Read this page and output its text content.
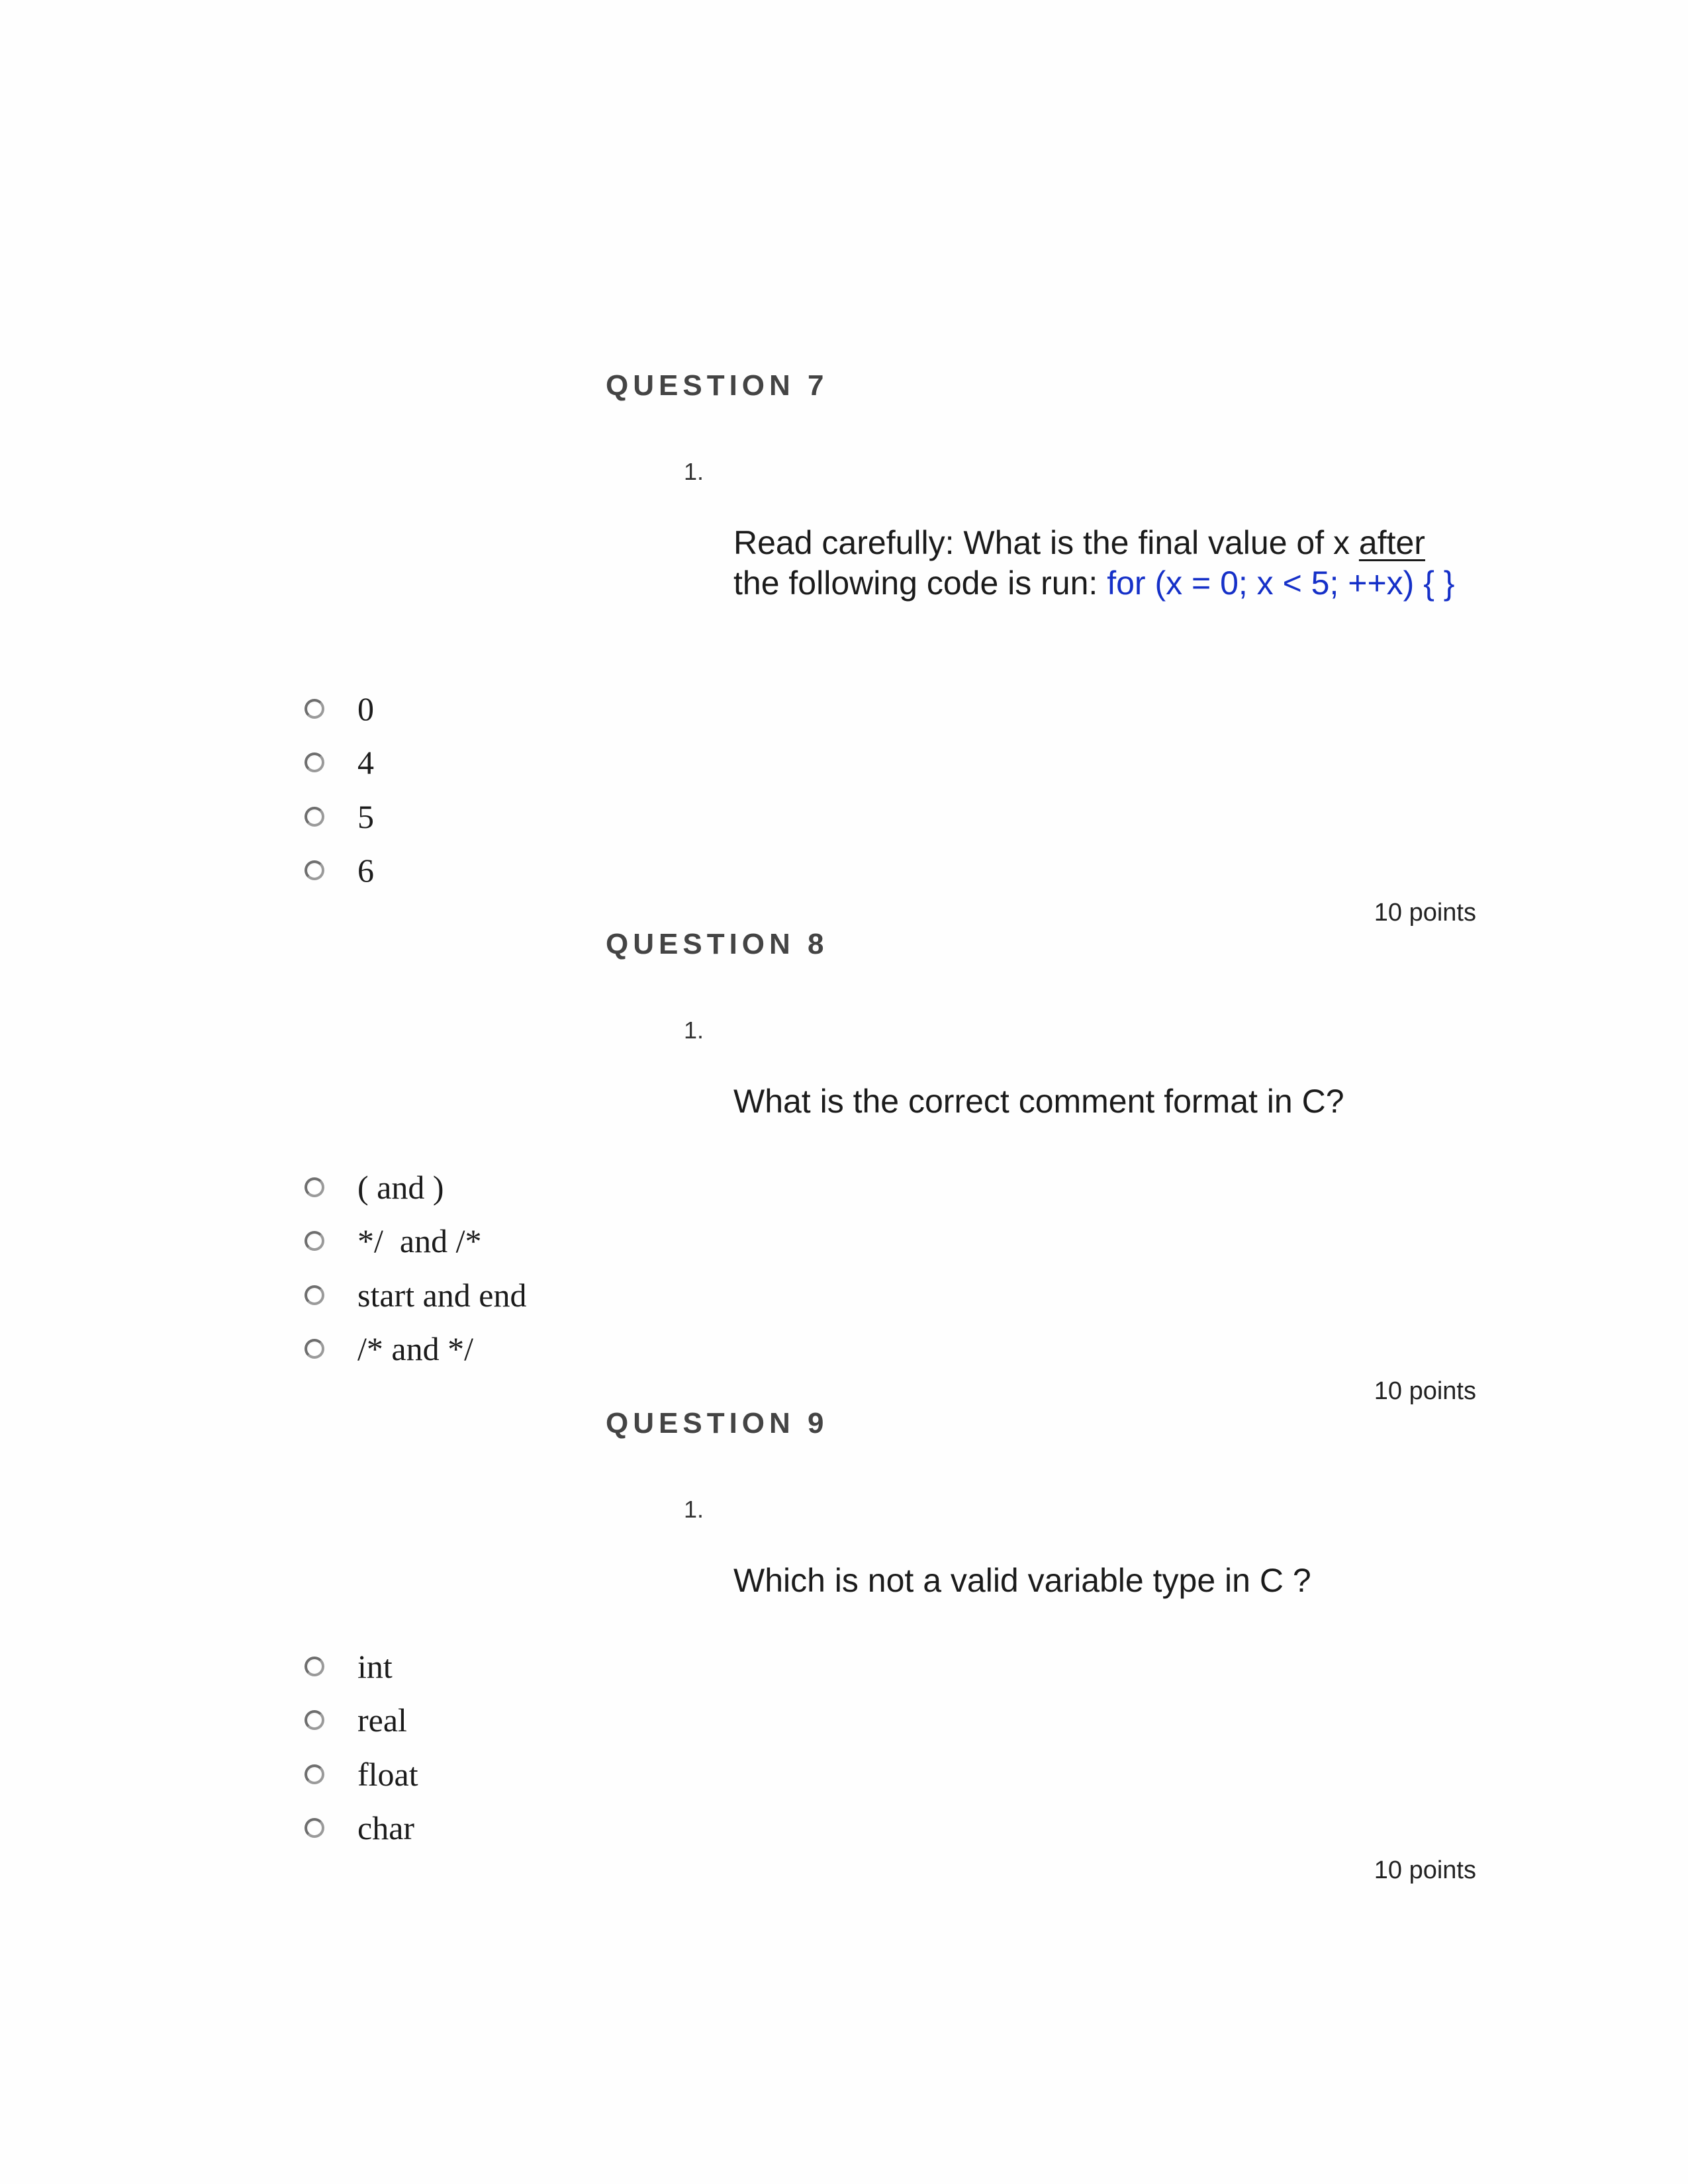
QUESTION 7
1.
Read carefully: What is the final value of x after the following code is run: for (x = 0; x < 5; ++x) { }
0
4
5
6
10 points
QUESTION 8
1.
What is the correct comment format in C?
( and )
*/  and /*
start and end
/* and */
10 points
QUESTION 9
1.
Which is not a valid variable type in C ?
int
real
float
char
10 points
